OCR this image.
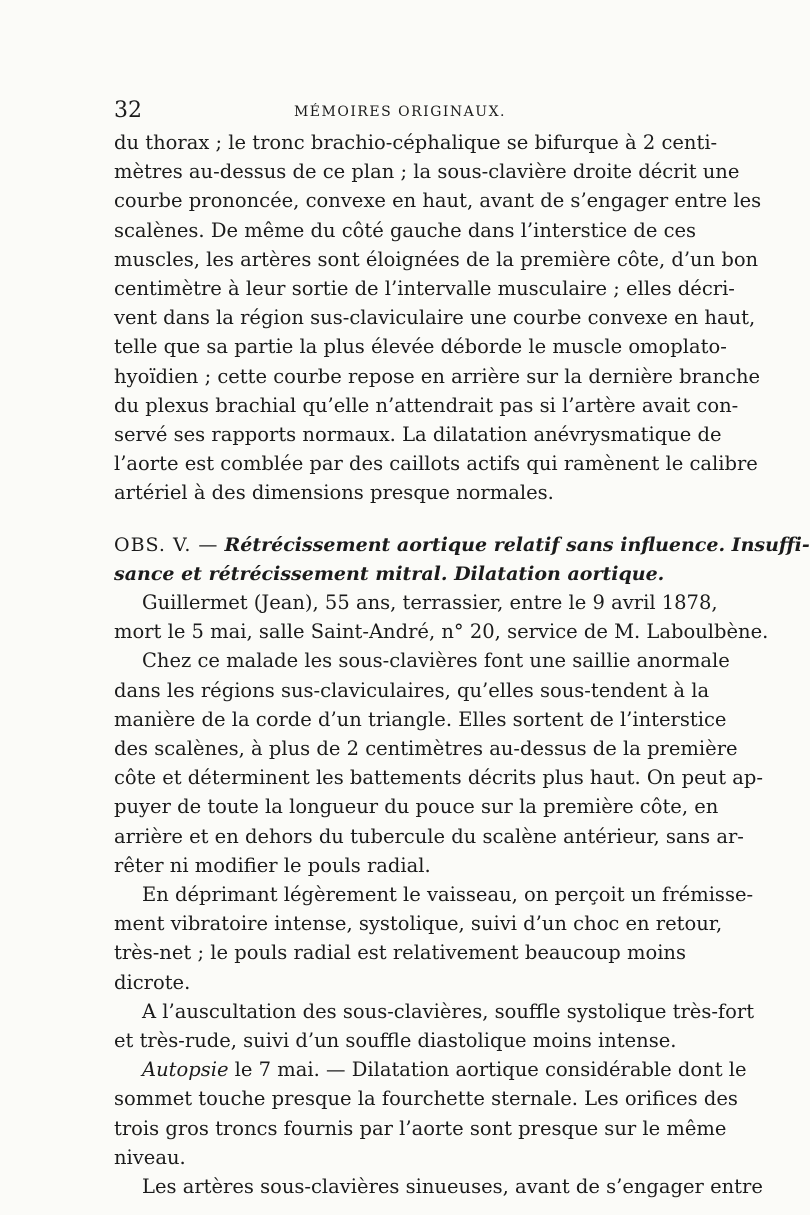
32	MÉMOIRES ORIGINAUX.
du thorax ; le tronc brachio-céphalique se bifurque à 2 centi-
mètres au-dessus de ce plan ; la sous-clavière droite décrit une
courbe prononcée, convexe en haut, avant de s’engager entre les
scalènes. De même du côté gauche dans l’interstice de ces
muscles, les artères sont éloignées de la première côte, d’un bon
centimètre à leur sortie de l’intervalle musculaire ; elles décri-
vent dans la région sus-claviculaire une courbe convexe en haut,
telle que sa partie la plus élevée déborde le muscle omoplato-
hyoïdien ; cette courbe repose en arrière sur la dernière branche
du plexus brachial qu’elle n’attendrait pas si l’artère avait con-
servé ses rapports normaux. La dilatation anévrysmatique de
l’aorte est comblée par des caillots actifs qui ramènent le calibre
artériel à des dimensions presque normales.
OBS. V. — Rétrécissement aortique relatif sans influence. Insuffi-
sance et rétrécissement mitral. Dilatation aortique.
Guillermet (Jean), 55 ans, terrassier, entre le 9 avril 1878,
mort le 5 mai, salle Saint-André, n° 20, service de M. Laboulbène.
Chez ce malade les sous-clavières font une saillie anormale
dans les régions sus-claviculaires, qu’elles sous-tendent à la
manière de la corde d’un triangle. Elles sortent de l’interstice
des scalènes, à plus de 2 centimètres au-dessus de la première
côte et déterminent les battements décrits plus haut. On peut ap-
puyer de toute la longueur du pouce sur la première côte, en
arrière et en dehors du tubercule du scalène antérieur, sans ar-
rêter ni modifier le pouls radial.
En déprimant légèrement le vaisseau, on perçoit un frémisse-
ment vibratoire intense, systolique, suivi d’un choc en retour,
très-net ; le pouls radial est relativement beaucoup moins
dicrote.
A l’auscultation des sous-clavières, souffle systolique très-fort
et très-rude, suivi d’un souffle diastolique moins intense.
Autopsie le 7 mai. — Dilatation aortique considérable dont le
sommet touche presque la fourchette sternale. Les orifices des
trois gros troncs fournis par l’aorte sont presque sur le même
niveau.
Les artères sous-clavières sinueuses, avant de s’engager entre
